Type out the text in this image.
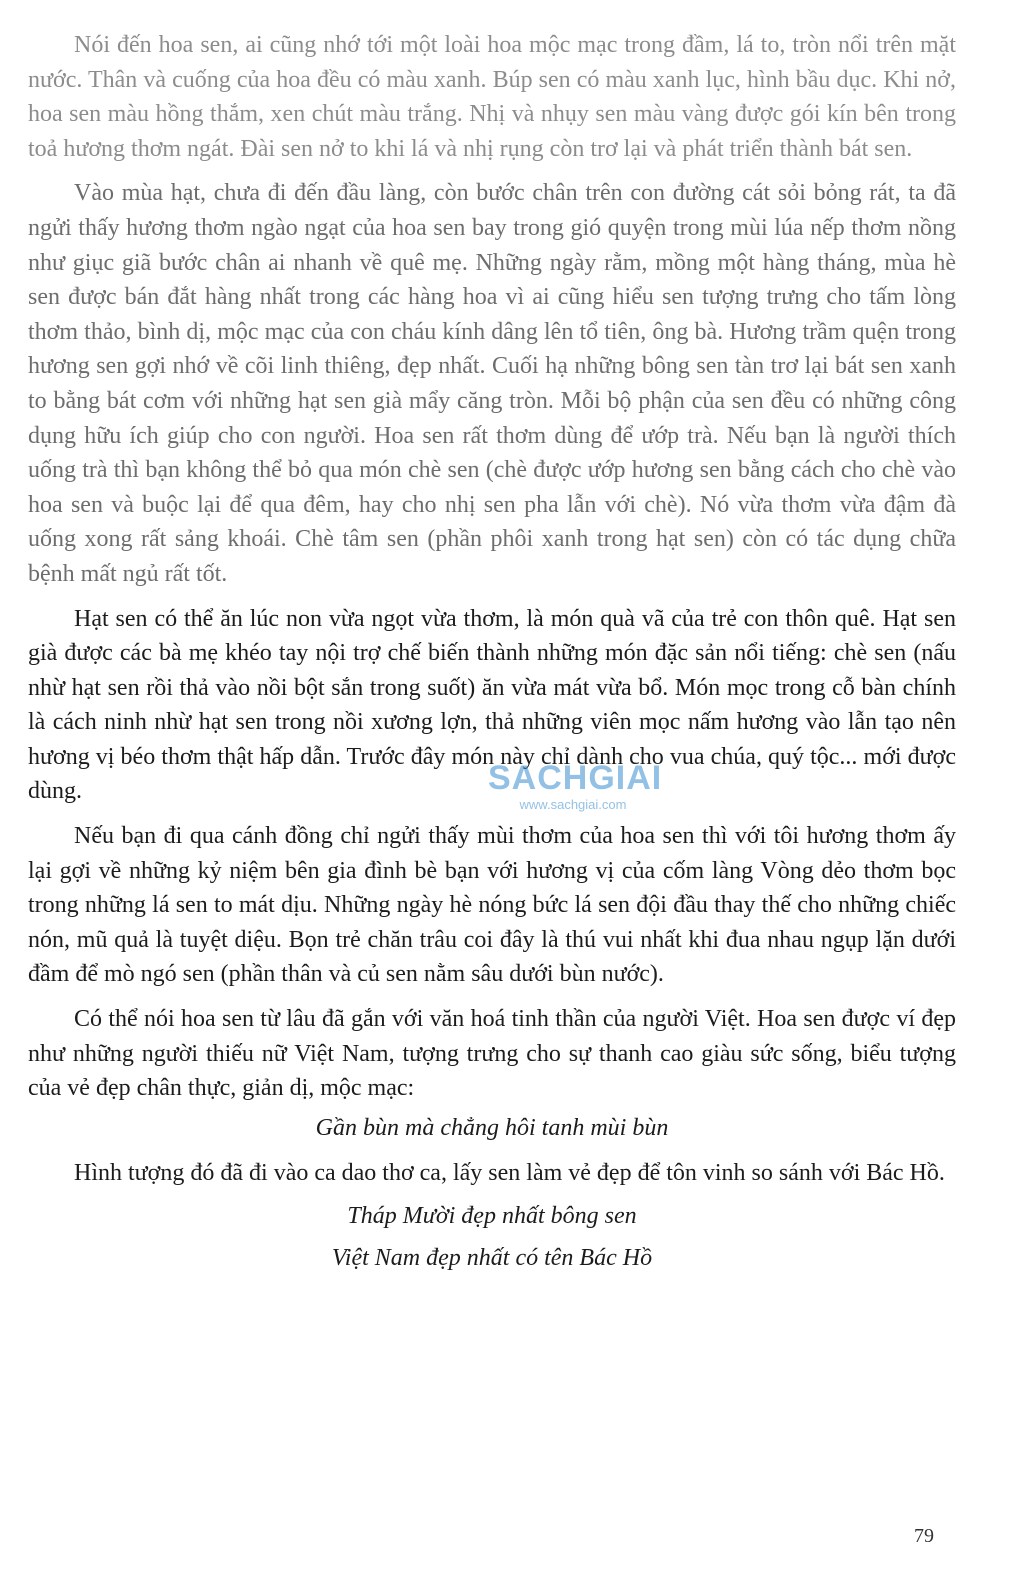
Nói đến hoa sen, ai cũng nhớ tới một loài hoa mộc mạc trong đầm, lá to, tròn nổi trên mặt nước. Thân và cuống của hoa đều có màu xanh. Búp sen có màu xanh lục, hình bầu dục. Khi nở, hoa sen màu hồng thắm, xen chút màu trắng. Nhị và nhụy sen màu vàng được gói kín bên trong toả hương thơm ngát. Đài sen nở to khi lá và nhị rụng còn trơ lại và phát triển thành bát sen.

Vào mùa hạt, chưa đi đến đầu làng, còn bước chân trên con đường cát sỏi bỏng rát, ta đã ngửi thấy hương thơm ngào ngạt của hoa sen bay trong gió quyện trong mùi lúa nếp thơm nồng như giục giã bước chân ai nhanh về quê mẹ. Những ngày rằm, mồng một hàng tháng, mùa hè sen được bán đắt hàng nhất trong các hàng hoa vì ai cũng hiểu sen tượng trưng cho tấm lòng thơm thảo, bình dị, mộc mạc của con cháu kính dâng lên tổ tiên, ông bà. Hương trầm quện trong hương sen gợi nhớ về cõi linh thiêng, đẹp nhất. Cuối hạ những bông sen tàn trơ lại bát sen xanh to bằng bát cơm với những hạt sen già mẩy căng tròn. Mỗi bộ phận của sen đều có những công dụng hữu ích giúp cho con người. Hoa sen rất thơm dùng để ướp trà. Nếu bạn là người thích uống trà thì bạn không thể bỏ qua món chè sen (chè được ướp hương sen bằng cách cho chè vào hoa sen và buộc lại để qua đêm, hay cho nhị sen pha lẫn với chè). Nó vừa thơm vừa đậm đà uống xong rất sảng khoái. Chè tâm sen (phần phôi xanh trong hạt sen) còn có tác dụng chữa bệnh mất ngủ rất tốt.

Hạt sen có thể ăn lúc non vừa ngọt vừa thơm, là món quà vã của trẻ con thôn quê. Hạt sen già được các bà mẹ khéo tay nội trợ chế biến thành những món đặc sản nổi tiếng: chè sen (nấu nhừ hạt sen rồi thả vào nồi bột sắn trong suốt) ăn vừa mát vừa bổ. Món mọc trong cỗ bàn chính là cách ninh nhừ hạt sen trong nồi xương lợn, thả những viên mọc nấm hương vào lẫn tạo nên hương vị béo thơm thật hấp dẫn. Trước đây món này chỉ dành cho vua chúa, quý tộc... mới được dùng.

Nếu bạn đi qua cánh đồng chỉ ngửi thấy mùi thơm của hoa sen thì với tôi hương thơm ấy lại gợi về những kỷ niệm bên gia đình bè bạn với hương vị của cốm làng Vòng dẻo thơm bọc trong những lá sen to mát dịu. Những ngày hè nóng bức lá sen đội đầu thay thế cho những chiếc nón, mũ quả là tuyệt diệu. Bọn trẻ chăn trâu coi đây là thú vui nhất khi đua nhau ngụp lặn dưới đầm để mò ngó sen (phần thân và củ sen nằm sâu dưới bùn nước).

Có thể nói hoa sen từ lâu đã gắn với văn hoá tinh thần của người Việt. Hoa sen được ví đẹp như những người thiếu nữ Việt Nam, tượng trưng cho sự thanh cao giàu sức sống, biểu tượng của vẻ đẹp chân thực, giản dị, mộc mạc:

Gần bùn mà chẳng hôi tanh mùi bùn

Hình tượng đó đã đi vào ca dao thơ ca, lấy sen làm vẻ đẹp để tôn vinh so sánh với Bác Hồ.

Tháp Mười đẹp nhất bông sen

Việt Nam đẹp nhất có tên Bác Hồ

SACHGIAI
www.sachgiai.com
79
